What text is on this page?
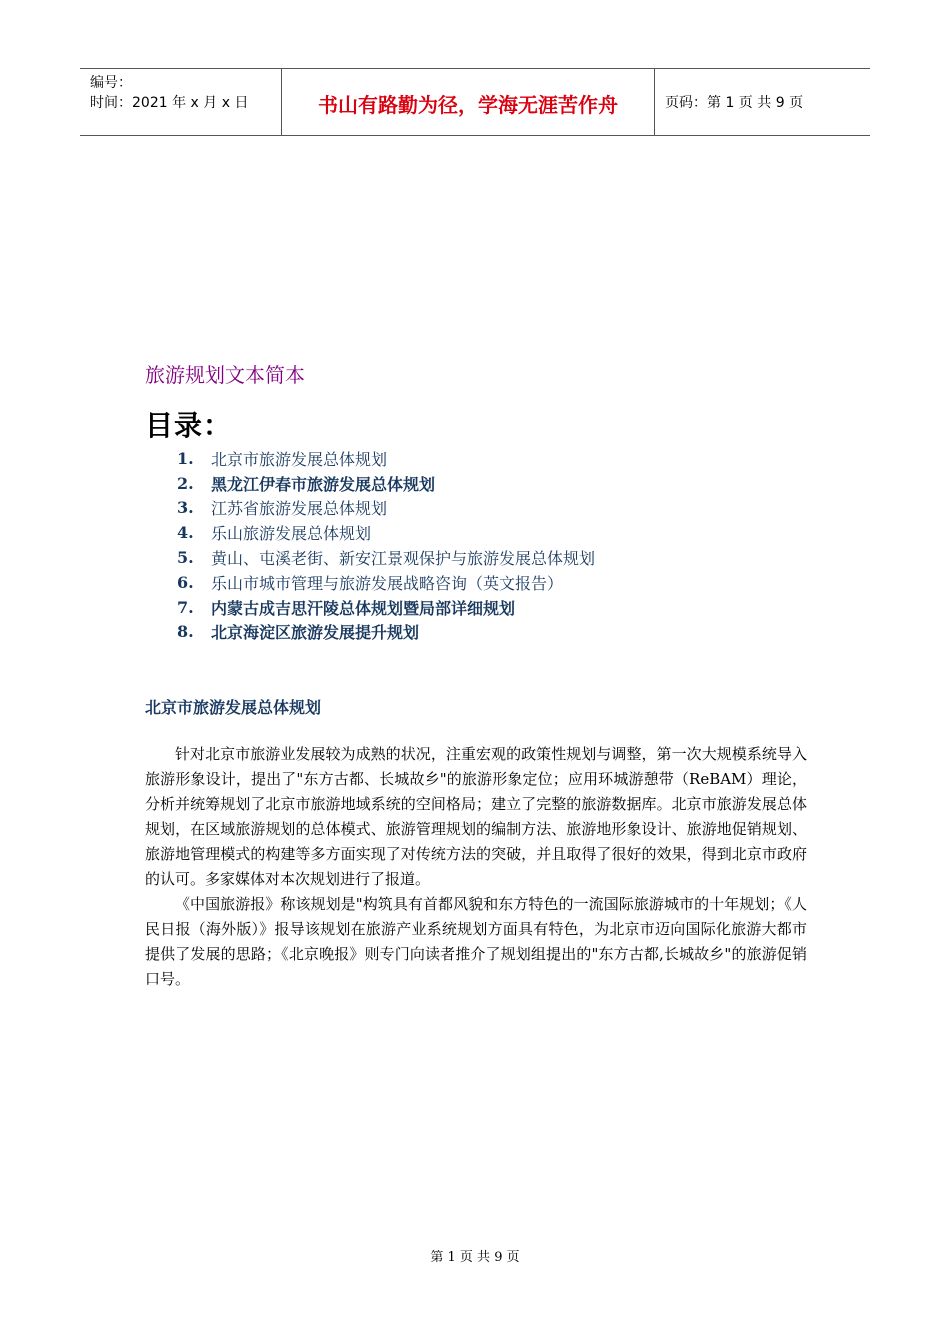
编号：
时间：2021 年 x 月 x 日	书山有路勤为径，学海无涯苦作舟	页码：第 1 页 共 9 页
旅游规划文本简本
目录：
1.	北京市旅游发展总体规划
2.	黑龙江伊春市旅游发展总体规划
3.	江苏省旅游发展总体规划
4.	乐山旅游发展总体规划
5.	黄山、屯溪老街、新安江景观保护与旅游发展总体规划
6.	乐山市城市管理与旅游发展战略咨询（英文报告）
7.	内蒙古成吉思汗陵总体规划暨局部详细规划
8.	北京海淀区旅游发展提升规划
北京市旅游发展总体规划

针对北京市旅游业发展较为成熟的状况，注重宏观的政策性规划与调整，第一次大规模系统导入旅游形象设计，提出了"东方古都、长城故乡"的旅游形象定位；应用环城游憩带（ReBAM）理论，分析并统筹规划了北京市旅游地域系统的空间格局；建立了完整的旅游数据库。北京市旅游发展总体规划，在区域旅游规划的总体模式、旅游管理规划的编制方法、旅游地形象设计、旅游地促销规划、旅游地管理模式的构建等多方面实现了对传统方法的突破，并且取得了很好的效果，得到北京市政府的认可。多家媒体对本次规划进行了报道。

《中国旅游报》称该规划是"构筑具有首都风貌和东方特色的一流国际旅游城市的十年规划；《人民日报（海外版）》报导该规划在旅游产业系统规划方面具有特色，为北京市迈向国际化旅游大都市提供了发展的思路；《北京晚报》则专门向读者推介了规划组提出的"东方古都,长城故乡"的旅游促销口号。

第 1 页 共 9 页
